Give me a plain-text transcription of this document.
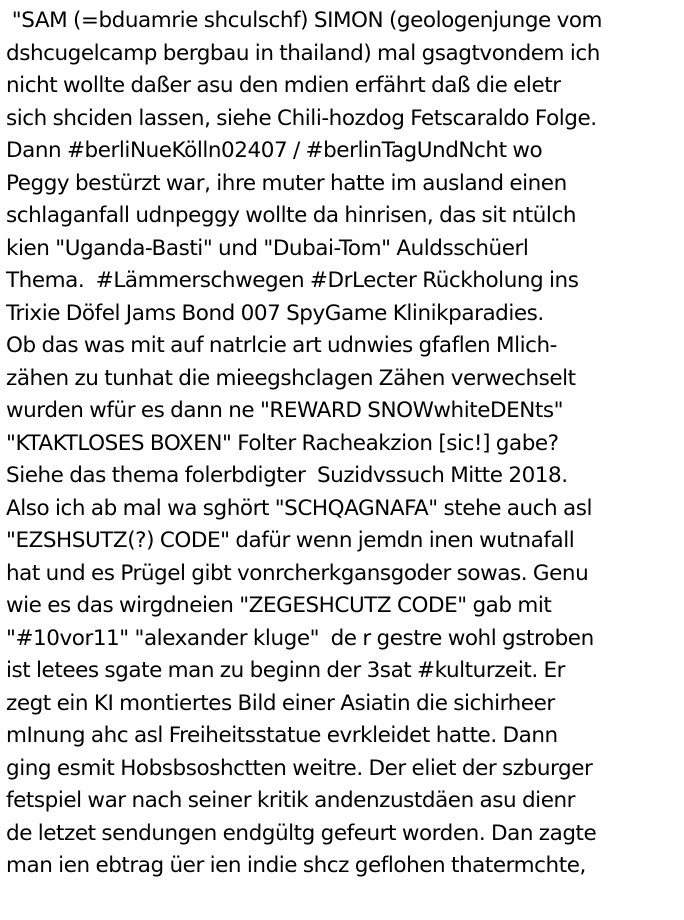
"SAM (=bduamrie shculschf) SIMON (geologenjunge vom
dshcugelcamp bergbau in thailand) mal gsagtvondem ich
nicht wollte daßer asu den mdien erfährt daß die eletr
sich shciden lassen, siehe Chili-hozdog Fetscaraldo Folge.
Dann #berliNueKölln02407 / #berlinTagUndNcht wo
Peggy bestürzt war, ihre muter hatte im ausland einen
schlaganfall udnpeggy wollte da hinrisen, das sit ntülch
kien "Uganda-Basti" und "Dubai-Tom" Auldsschüerl
Thema.  #Lämmerschwegen #DrLecter Rückholung ins
Trixie Döfel Jams Bond 007 SpyGame Klinikparadies.
Ob das was mit auf natrlcie art udnwies gfaflen Mlich-
zähen zu tunhat die mieegshclagen Zähen verwechselt
wurden wfür es dann ne "REWARD SNOWwhiteDENts"
"KTAKTLOSES BOXEN" Folter Racheakzion [sic!] gabe?
Siehe das thema folerbdigter  Suzidvssuch Mitte 2018.
Also ich ab mal wa sghört "SCHQAGNAFA" stehe auch asl
"EZSHSUTZ(?) CODE" dafür wenn jemdn inen wutnafall
hat und es Prügel gibt vonrcherkgansgoder sowas. Genu
wie es das wirgdneien "ZEGESHCUTZ CODE" gab mit
"#10vor11" "alexander kluge"  de r gestre wohl gstroben
ist letees sgate man zu beginn der 3sat #kulturzeit. Er
zegt ein KI montiertes Bild einer Asiatin die sichirheer
mInung ahc asl Freiheitsstatue evrkleidet hatte. Dann
ging esmit Hobsbsoshctten weitre. Der eliet der szburger
fetspiel war nach seiner kritik andenzustdäen asu dienr
de letzet sendungen endgültg gefeurt worden. Dan zagte
man ien ebtrag üer ien indie shcz geflohen thatermchte,
